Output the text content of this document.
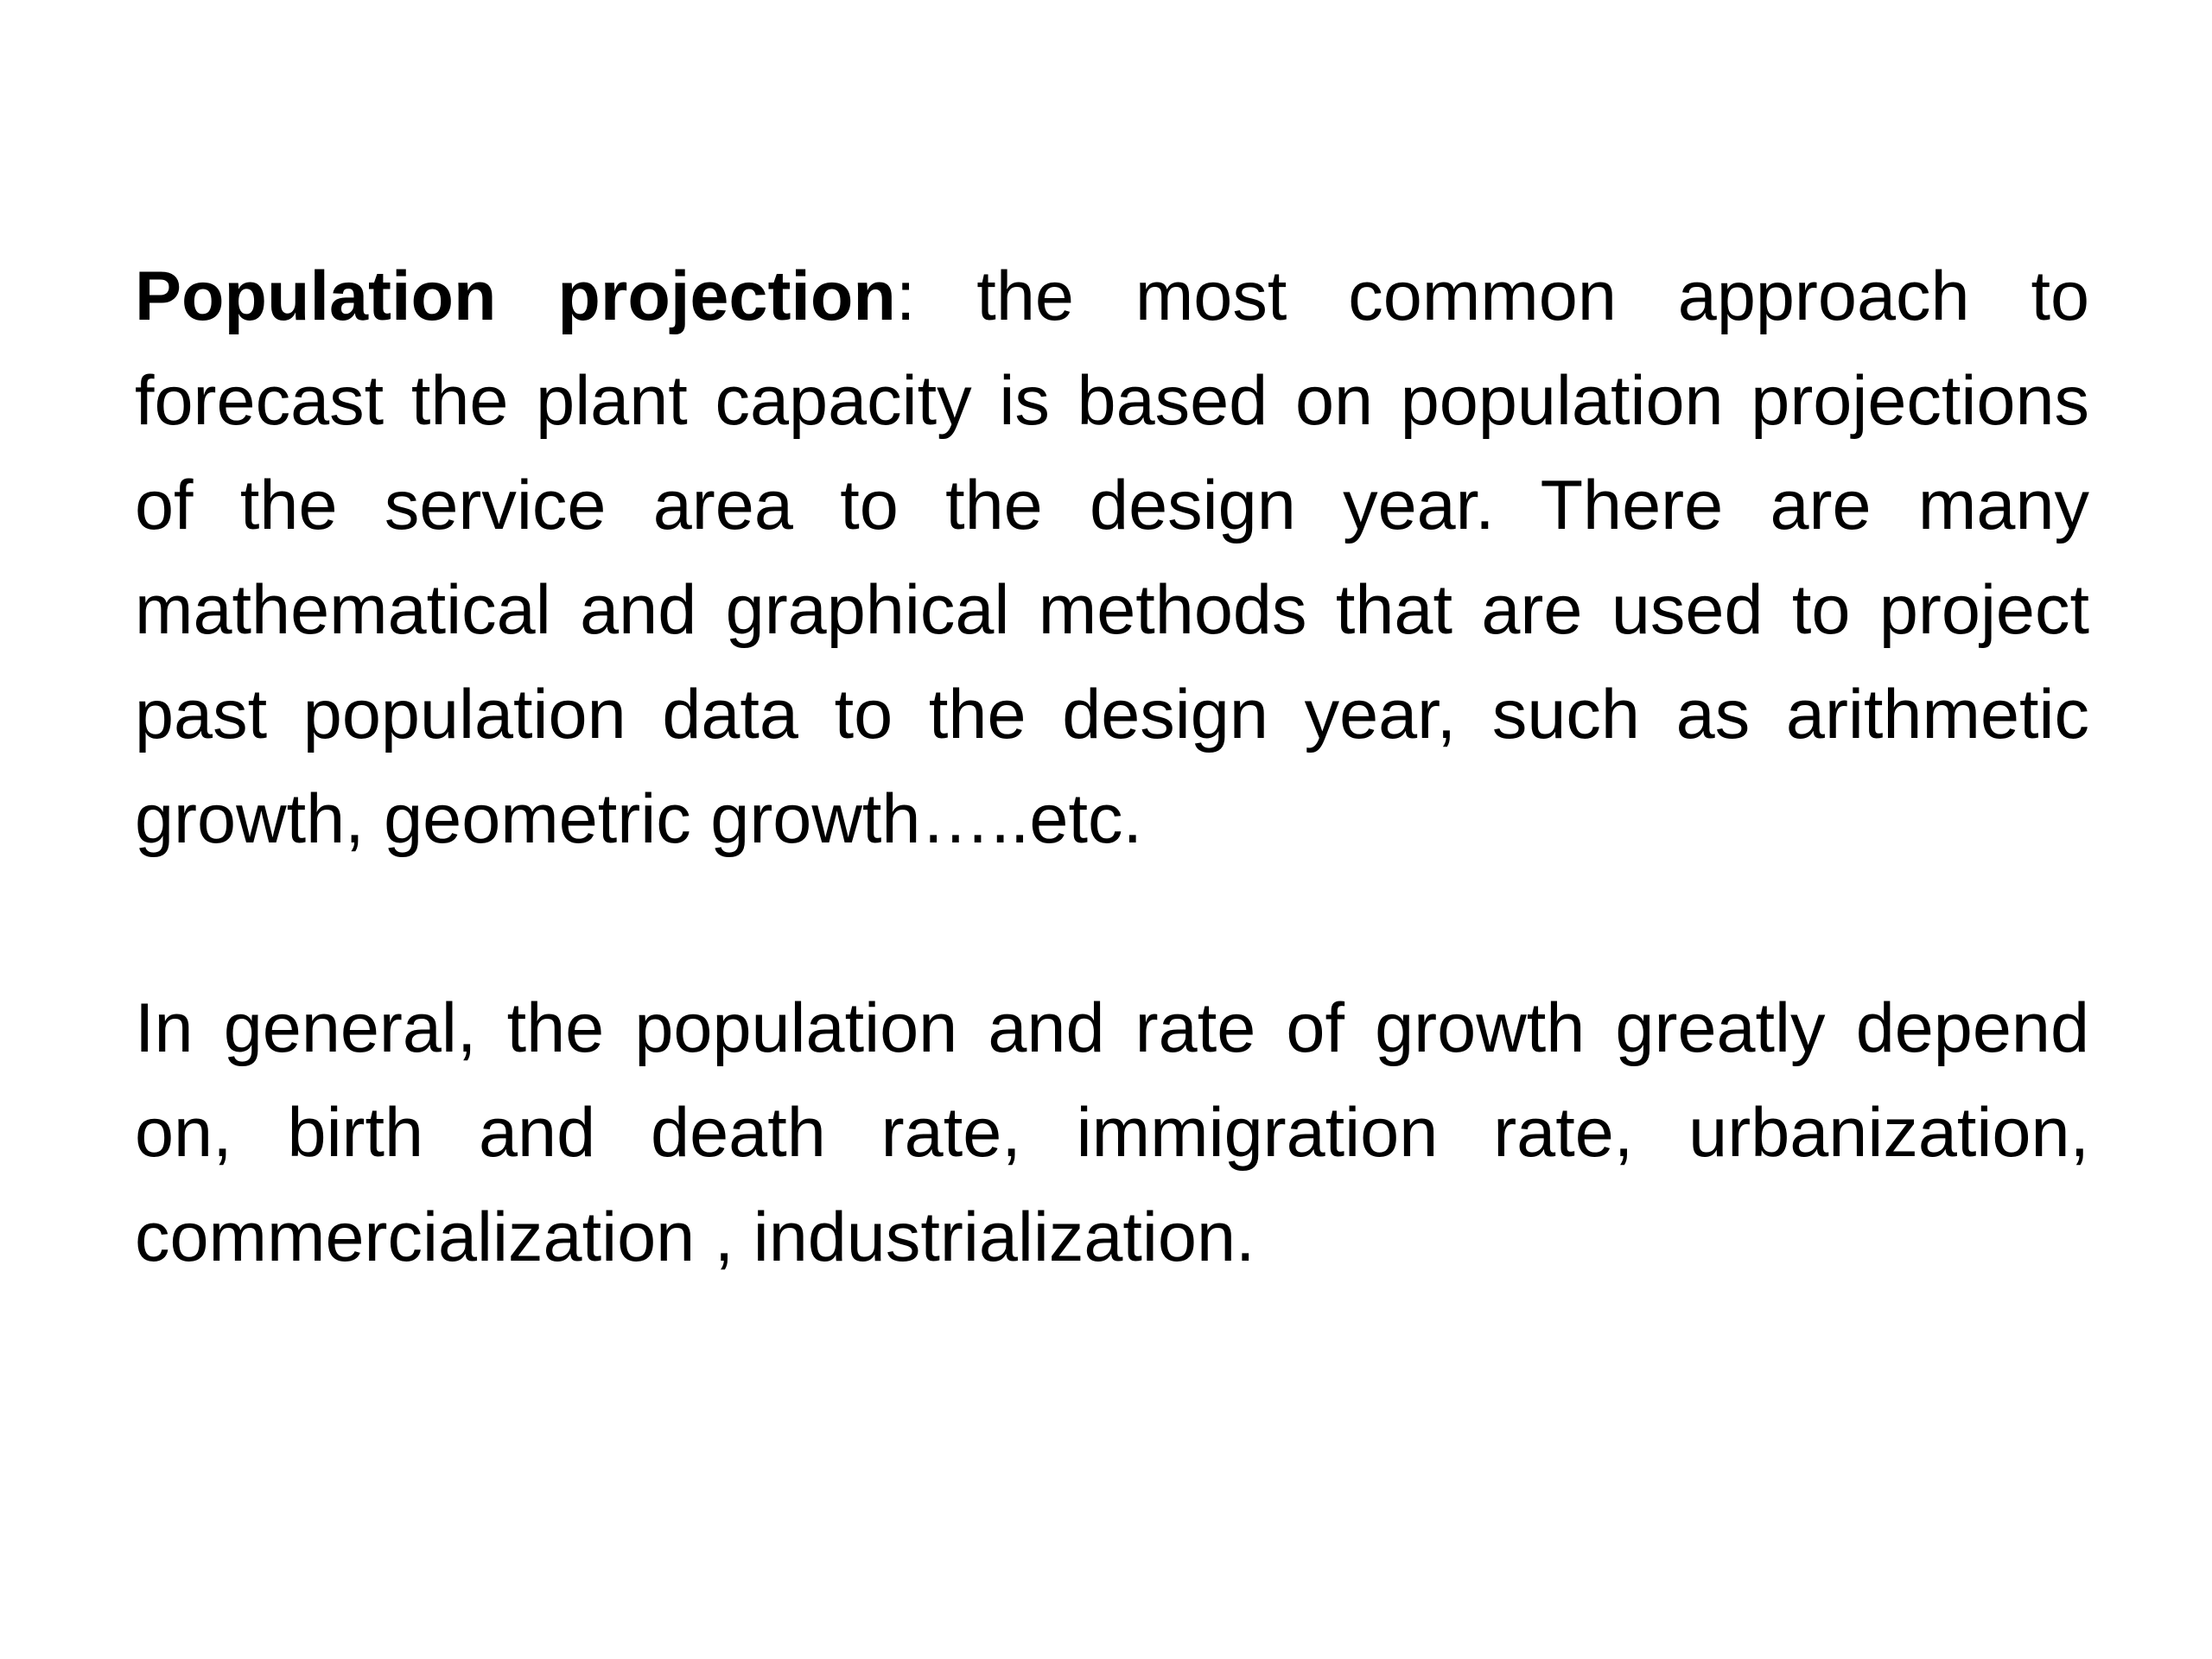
Population projection: the most common approach to forecast the plant capacity is based on population projections of the service area to the design year. There are many mathematical and graphical methods that are used to project past population data to the design year, such as arithmetic growth, geometric growth…..etc.

In general, the population and rate of growth greatly depend on, birth and death rate, immigration rate, urbanization, commercialization , industrialization.
